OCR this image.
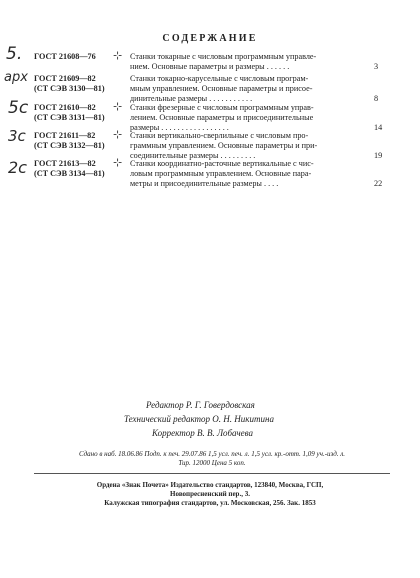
СОДЕРЖАНИЕ
ГОСТ 21608—76	Станки токарные с числовым программным управле-
нием. Основные параметры и размеры . . . . . .	3
5.	⊹
ГОСТ 21609—82
(СТ СЭВ 3130—81)
Станки токарно-карусельные с числовым програм-
мным управлением. Основные параметры и присое-
динительные размеры . . . . . . . . . . .	8
арх
ГОСТ 21610—82
(СТ СЭВ 3131—81)
Станки фрезерные с числовым программным управ-
лением. Основные параметры и присоединительные
размеры . . . . . . . . . . . . . . . . .	14
5c	⊹
ГОСТ 21611—82
(СТ СЭВ 3132—81)
Станки вертикально-сверлильные с числовым про-
граммным управлением. Основные параметры и при-
соединительные размеры . . . . . . . . .	19
3c	⊹
ГОСТ 21613—82
(СТ СЭВ 3134—81)
Станки координатно-расточные вертикальные с чис-
ловым программным управлением. Основные пара-
метры и присоединительные размеры . . . .	22
2c	⊹
Редактор Р. Г. Говердовская
Технический редактор О. Н. Никитина
Корректор В. В. Лобачева
Сдано в наб. 18.06.86 Подп. к печ. 29.07.86 1,5 усл. печ. л. 1,5 усл. кр.-отт. 1,09 уч.-изд. л.
Тир. 12000 Цена 5 коп.
Ордена «Знак Почета» Издательство стандартов, 123840, Москва, ГСП,
Новопресненский пер., 3.
Калужская типография стандартов, ул. Московская, 256. Зак. 1853
